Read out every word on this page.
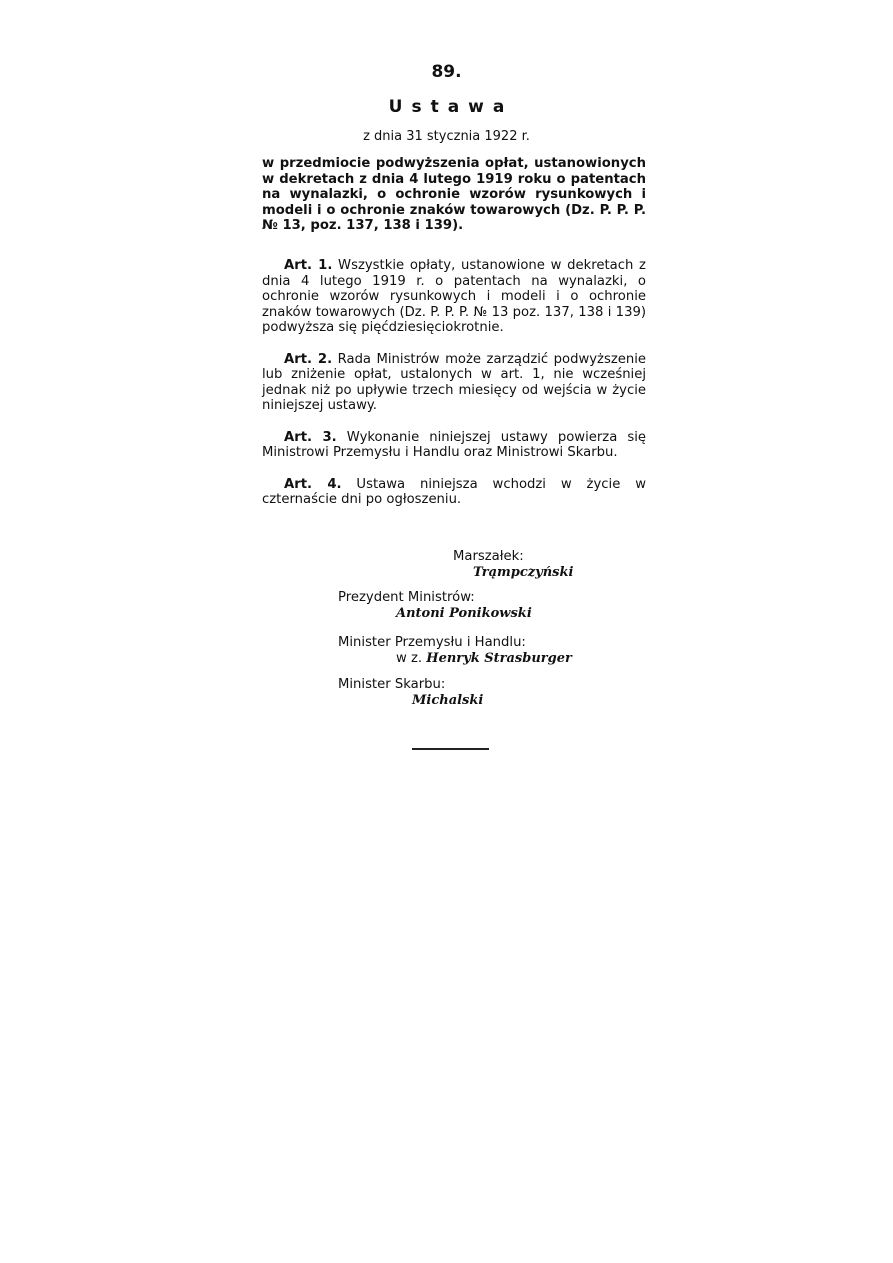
89.
Ustawa
z dnia 31 stycznia 1922 r.
w przedmiocie podwyższenia opłat, ustanowionych w dekretach z dnia 4 lutego 1919 roku o patentach na wynalazki, o ochronie wzorów rysunkowych i modeli i o ochronie znaków towarowych (Dz. P. P. P. № 13, poz. 137, 138 i 139).

Art. 1. Wszystkie opłaty, ustanowione w dekretach z dnia 4 lutego 1919 r. o patentach na wynalazki, o ochronie wzorów rysunkowych i modeli i o ochronie znaków towarowych (Dz. P. P. P. № 13 poz. 137, 138 i 139) podwyższa się pięćdziesięciokrotnie.

Art. 2. Rada Ministrów może zarządzić podwyższenie lub zniżenie opłat, ustalonych w art. 1, nie wcześniej jednak niż po upływie trzech miesięcy od wejścia w życie niniejszej ustawy.

Art. 3. Wykonanie niniejszej ustawy powierza się Ministrowi Przemysłu i Handlu oraz Ministrowi Skarbu.

Art. 4. Ustawa niniejsza wchodzi w życie w czternaście dni po ogłoszeniu.

Marszałek:
Trąmpczyński
Prezydent Ministrów:
Antoni Ponikowski
Minister Przemysłu i Handlu:
w z. Henryk Strasburger
Minister Skarbu:
Michalski
